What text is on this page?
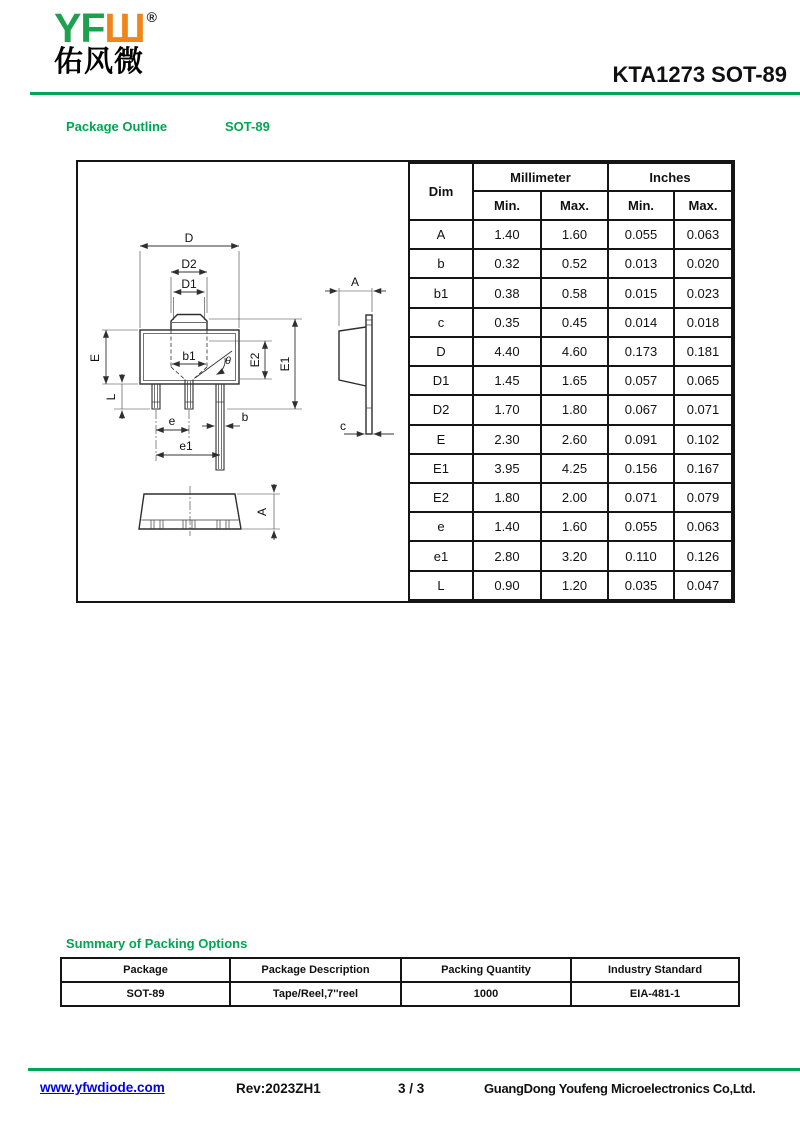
YFШ ®
佑风微	KTA1273 SOT-89
Package Outline	SOT-89
D
D2
D1
E
L
b1	θ E2 E1
e
e1
b
A
c
A
Dim	Millimeter		Inches	
	Min.	Max.	Min.	Max.
A	1.40	1.60	0.055	0.063
b	0.32	0.52	0.013	0.020
b1	0.38	0.58	0.015	0.023
c	0.35	0.45	0.014	0.018
D	4.40	4.60	0.173	0.181
D1	1.45	1.65	0.057	0.065
D2	1.70	1.80	0.067	0.071
E	2.30	2.60	0.091	0.102
E1	3.95	4.25	0.156	0.167
E2	1.80	2.00	0.071	0.079
e	1.40	1.60	0.055	0.063
e1	2.80	3.20	0.110	0.126
L	0.90	1.20	0.035	0.047
Summary of Packing Options
Package	Package Description	Packing Quantity	Industry Standard
SOT-89	Tape/Reel,7''reel	1000	EIA-481-1
www.yfwdiode.com	Rev:2023ZH1	3 / 3	GuangDong Youfeng Microelectronics Co,Ltd.
